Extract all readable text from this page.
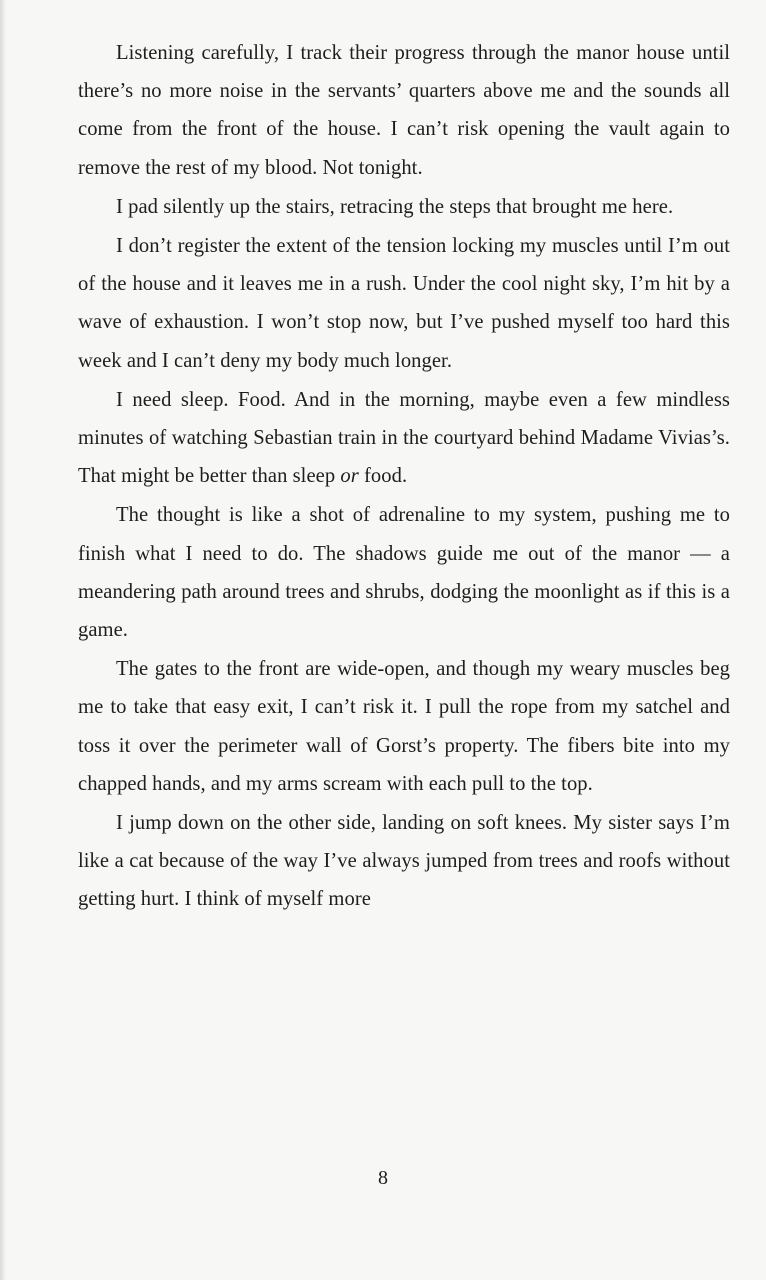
Listening carefully, I track their progress through the manor house until there’s no more noise in the servants’ quarters above me and the sounds all come from the front of the house. I can’t risk opening the vault again to remove the rest of my blood. Not tonight.

I pad silently up the stairs, retracing the steps that brought me here.

I don’t register the extent of the tension locking my muscles until I’m out of the house and it leaves me in a rush. Under the cool night sky, I’m hit by a wave of exhaustion. I won’t stop now, but I’ve pushed myself too hard this week and I can’t deny my body much longer.

I need sleep. Food. And in the morning, maybe even a few mindless minutes of watching Sebastian train in the courtyard behind Madame Vivias’s. That might be better than sleep or food.

The thought is like a shot of adrenaline to my system, pushing me to finish what I need to do. The shadows guide me out of the manor — a meandering path around trees and shrubs, dodging the moonlight as if this is a game.

The gates to the front are wide-open, and though my weary muscles beg me to take that easy exit, I can’t risk it. I pull the rope from my satchel and toss it over the perimeter wall of Gorst’s property. The fibers bite into my chapped hands, and my arms scream with each pull to the top.

I jump down on the other side, landing on soft knees. My sister says I’m like a cat because of the way I’ve always jumped from trees and roofs without getting hurt. I think of myself more

8
